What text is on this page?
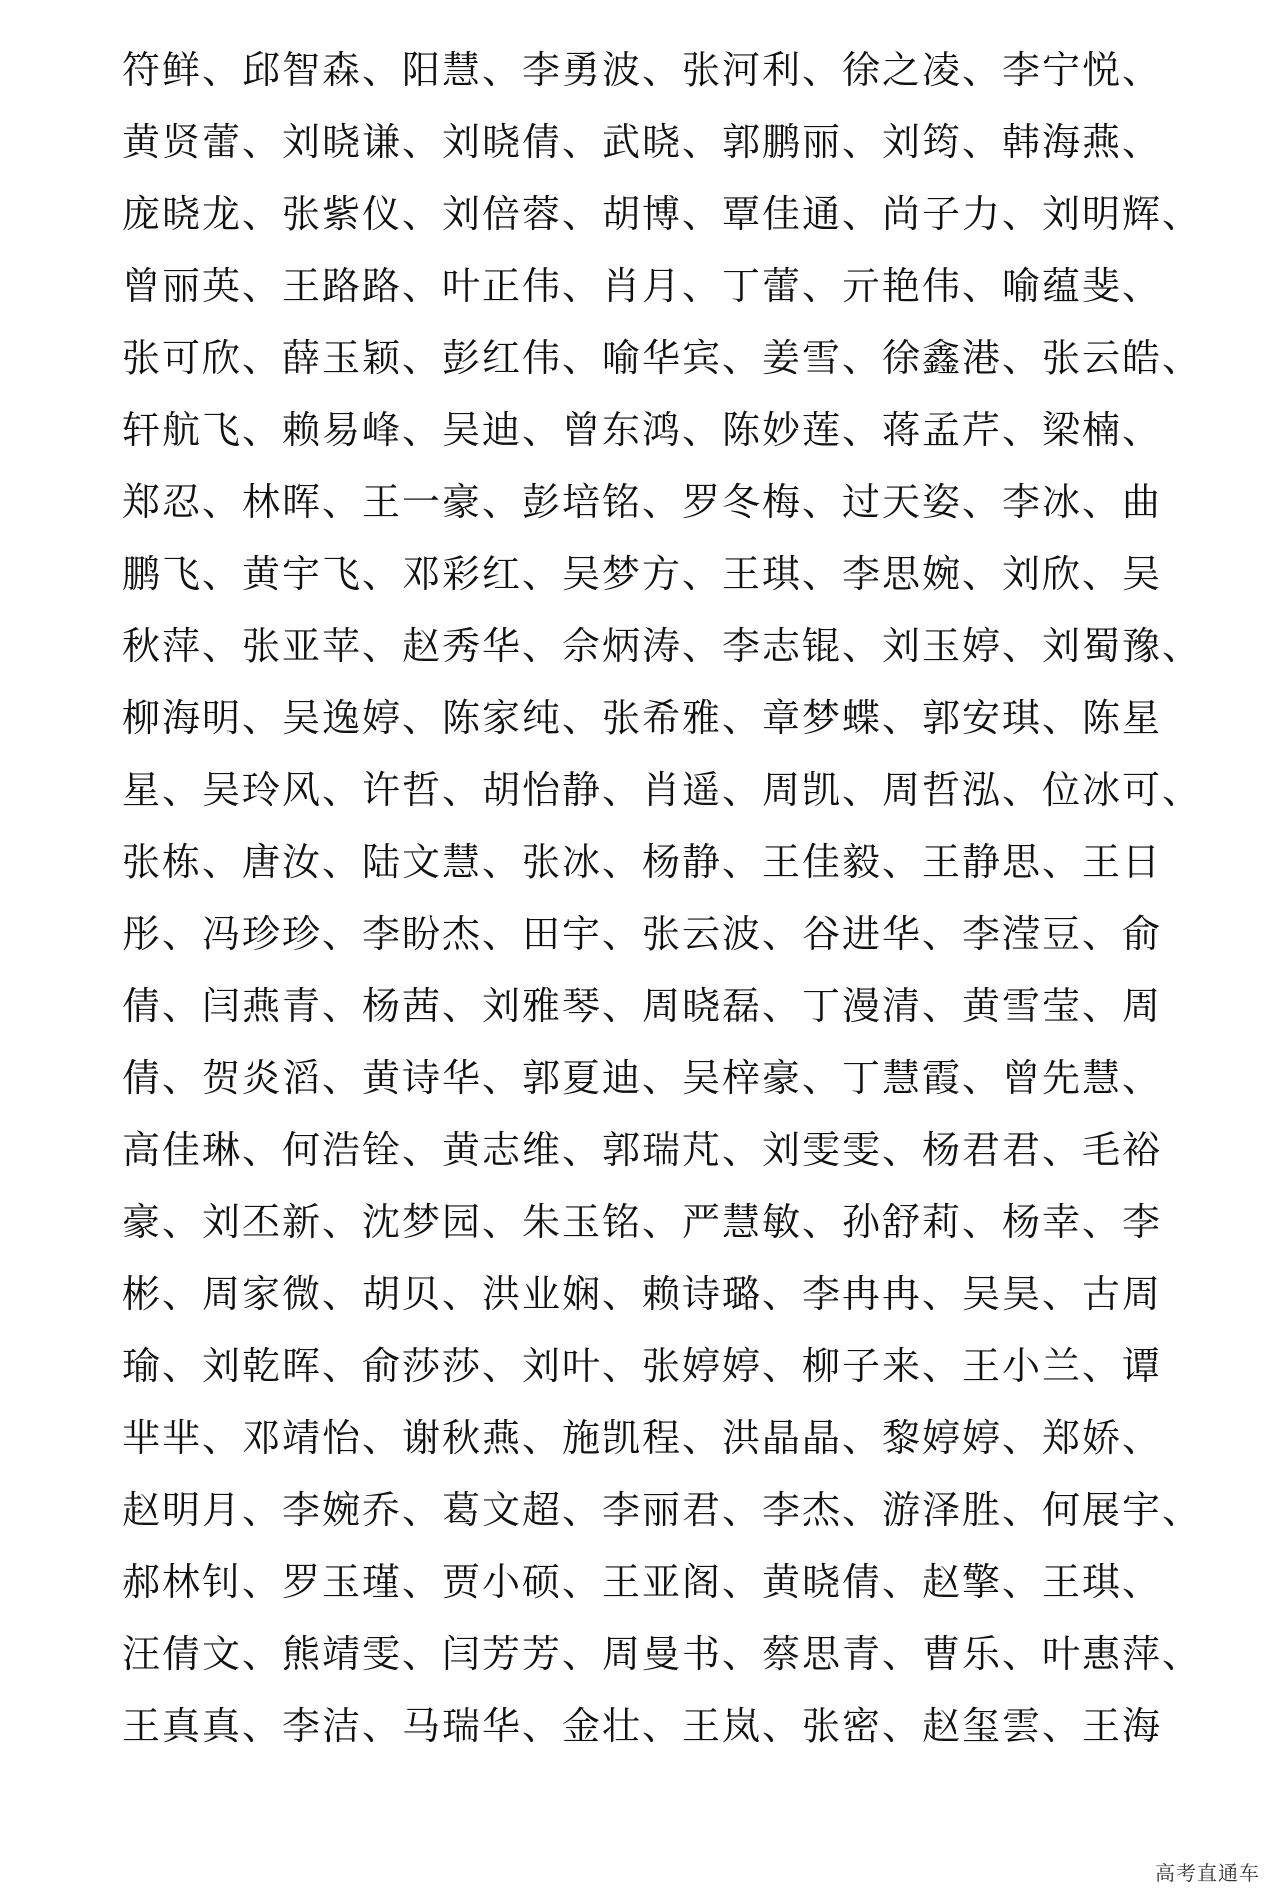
符鲜、邱智森、阳慧、李勇波、张河利、徐之凌、李宁悦、
黄贤蕾、刘晓谦、刘晓倩、武晓、郭鹏丽、刘筠、韩海燕、
庞晓龙、张紫仪、刘倍蓉、胡博、覃佳通、尚子力、刘明辉、
曾丽英、王路路、叶正伟、肖月、丁蕾、亓艳伟、喻蕴斐、
张可欣、薛玉颖、彭红伟、喻华宾、姜雪、徐鑫港、张云皓、
轩航飞、赖易峰、吴迪、曾东鸿、陈妙莲、蒋孟芹、梁楠、
郑忍、林晖、王一豪、彭培铭、罗冬梅、过天姿、李冰、曲
鹏飞、黄宇飞、邓彩红、吴梦方、王琪、李思婉、刘欣、吴
秋萍、张亚苹、赵秀华、佘炳涛、李志锟、刘玉婷、刘蜀豫、
柳海明、吴逸婷、陈家纯、张希雅、章梦蝶、郭安琪、陈星
星、吴玲风、许哲、胡怡静、肖遥、周凯、周哲泓、位冰可、
张栋、唐汝、陆文慧、张冰、杨静、王佳毅、王静思、王日
彤、冯珍珍、李盼杰、田宇、张云波、谷进华、李滢豆、俞
倩、闫燕青、杨茜、刘雅琴、周晓磊、丁漫清、黄雪莹、周
倩、贺炎滔、黄诗华、郭夏迪、吴梓豪、丁慧霞、曾先慧、
高佳琳、何浩铨、黄志维、郭瑞芃、刘雯雯、杨君君、毛裕
豪、刘丕新、沈梦园、朱玉铭、严慧敏、孙舒莉、杨幸、李
彬、周家微、胡贝、洪业娴、赖诗璐、李冉冉、吴昊、古周
瑜、刘乾晖、俞莎莎、刘叶、张婷婷、柳子来、王小兰、谭
芈芈、邓靖怡、谢秋燕、施凯程、洪晶晶、黎婷婷、郑娇、
赵明月、李婉乔、葛文超、李丽君、李杰、游泽胜、何展宇、
郝林钊、罗玉瑾、贾小硕、王亚阁、黄晓倩、赵擎、王琪、
汪倩文、熊靖雯、闫芳芳、周曼书、蔡思青、曹乐、叶惠萍、
王真真、李洁、马瑞华、金壮、王岚、张密、赵玺雲、王海
高考直通车
